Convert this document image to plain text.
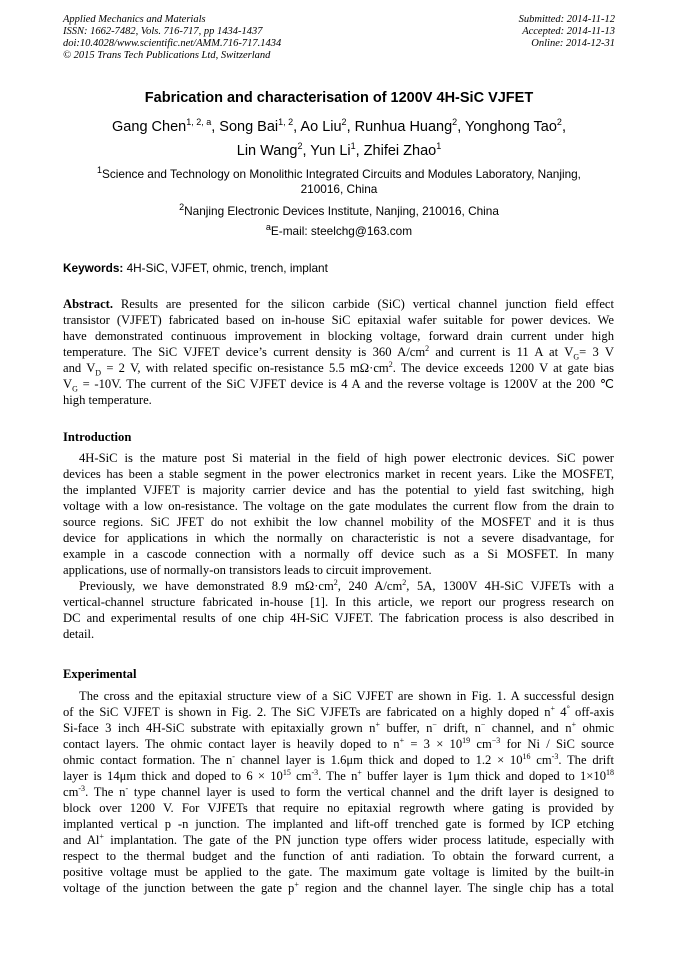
Applied Mechanics and Materials
ISSN: 1662-7482, Vols. 716-717, pp 1434-1437
doi:10.4028/www.scientific.net/AMM.716-717.1434
© 2015 Trans Tech Publications Ltd, Switzerland
Submitted: 2014-11-12
Accepted: 2014-11-13
Online: 2014-12-31
Fabrication and characterisation of 1200V 4H-SiC VJFET
Gang Chen$^{1, 2, a}$, Song Bai$^{1, 2}$, Ao Liu$^2$, Runhua Huang$^2$, Yonghong Tao$^2$,
Lin Wang$^2$, Yun Li$^1$, Zhifei Zhao$^1$
$^1$Science and Technology on Monolithic Integrated Circuits and Modules Laboratory, Nanjing,
210016, China
$^2$Nanjing Electronic Devices Institute, Nanjing, 210016, China
$^a$E-mail: steelchg@163.com
Keywords: 4H-SiC, VJFET, ohmic, trench, implant
Abstract. Results are presented for the silicon carbide (SiC) vertical channel junction field effect
transistor (VJFET) fabricated based on in-house SiC epitaxial wafer suitable for power devices. We
have demonstrated continuous improvement in blocking voltage, forward drain current under high
temperature. The SiC VJFET device’s current density is 360 $A/cm^2$ and current is 11 A at $V_G= 3$ V
and $V_D = 2$ V, with related specific on-resistance 5.5 $m\Omega\cdot cm^2$. The device exceeds 1200 V at gate bias
$V_G = -10V$. The current of the SiC VJFET device is 4 A and the reverse voltage is 1200V at the 200 ℃
high temperature.
Introduction
4H-SiC is the mature post Si material in the field of high power electronic devices. SiC power
devices has been a stable segment in the power electronics market in recent years. Like the MOSFET,
the implanted VJFET is majority carrier device and has the potential to yield fast switching, high
voltage with a low on-resistance. The voltage on the gate modulates the current flow from the drain to
source regions. SiC JFET do not exhibit the low channel mobility of the MOSFET and it is thus
device for applications in which the normally on characteristic is not a severe disadvantage, for
example in a cascode connection with a normally off device such as a Si MOSFET. In many
applications, use of normally-on transistors leads to circuit improvement.
Previously, we have demonstrated 8.9 $m\Omega\cdot cm^2$, 240 $A/cm^2$, 5A, 1300V 4H-SiC VJFETs with a
vertical-channel structure fabricated in-house [1]. In this article, we report our progress research on
DC and experimental results of one chip 4H-SiC VJFET. The fabrication process is also described in
detail.
Experimental
The cross and the epitaxial structure view of a SiC VJFET are shown in Fig. 1. A successful design
of the SiC VJFET is shown in Fig. 2. The SiC VJFETs are fabricated on a highly doped n+ 4° off-axis
Si-face 3 inch 4H-SiC substrate with epitaxially grown n+ buffer, n− drift, n− channel, and n+ ohmic
contact layers. The ohmic contact layer is heavily doped to $n^+ = 3 \times 10^{19}$ $cm^{-3}$ for Ni / SiC source
ohmic contact formation. The n- channel layer is 1.6μm thick and doped to $1.2 \times 10^{16}$ $cm^{-3}$. The drift
layer is 14μm thick and doped to $6 \times 10^{15}$ $cm^{-3}$. The n+ buffer layer is 1μm thick and doped to $1\times 10^{18}$
$cm^{-3}$. The n- type channel layer is used to form the vertical channel and the drift layer is designed to
block over 1200 V. For VJFETs that require no epitaxial regrowth where gating is provided by
implanted vertical p -n junction. The implanted and lift-off trenched gate is formed by ICP etching
and Al+ implantation. The gate of the PN junction type offers wider process latitude, especially with
respect to the thermal budget and the function of anti radiation. To obtain the forward current, a
positive voltage must be applied to the gate. The maximum gate voltage is limited by the built-in
voltage of the junction between the gate p+ region and the channel layer. The single chip has a total
